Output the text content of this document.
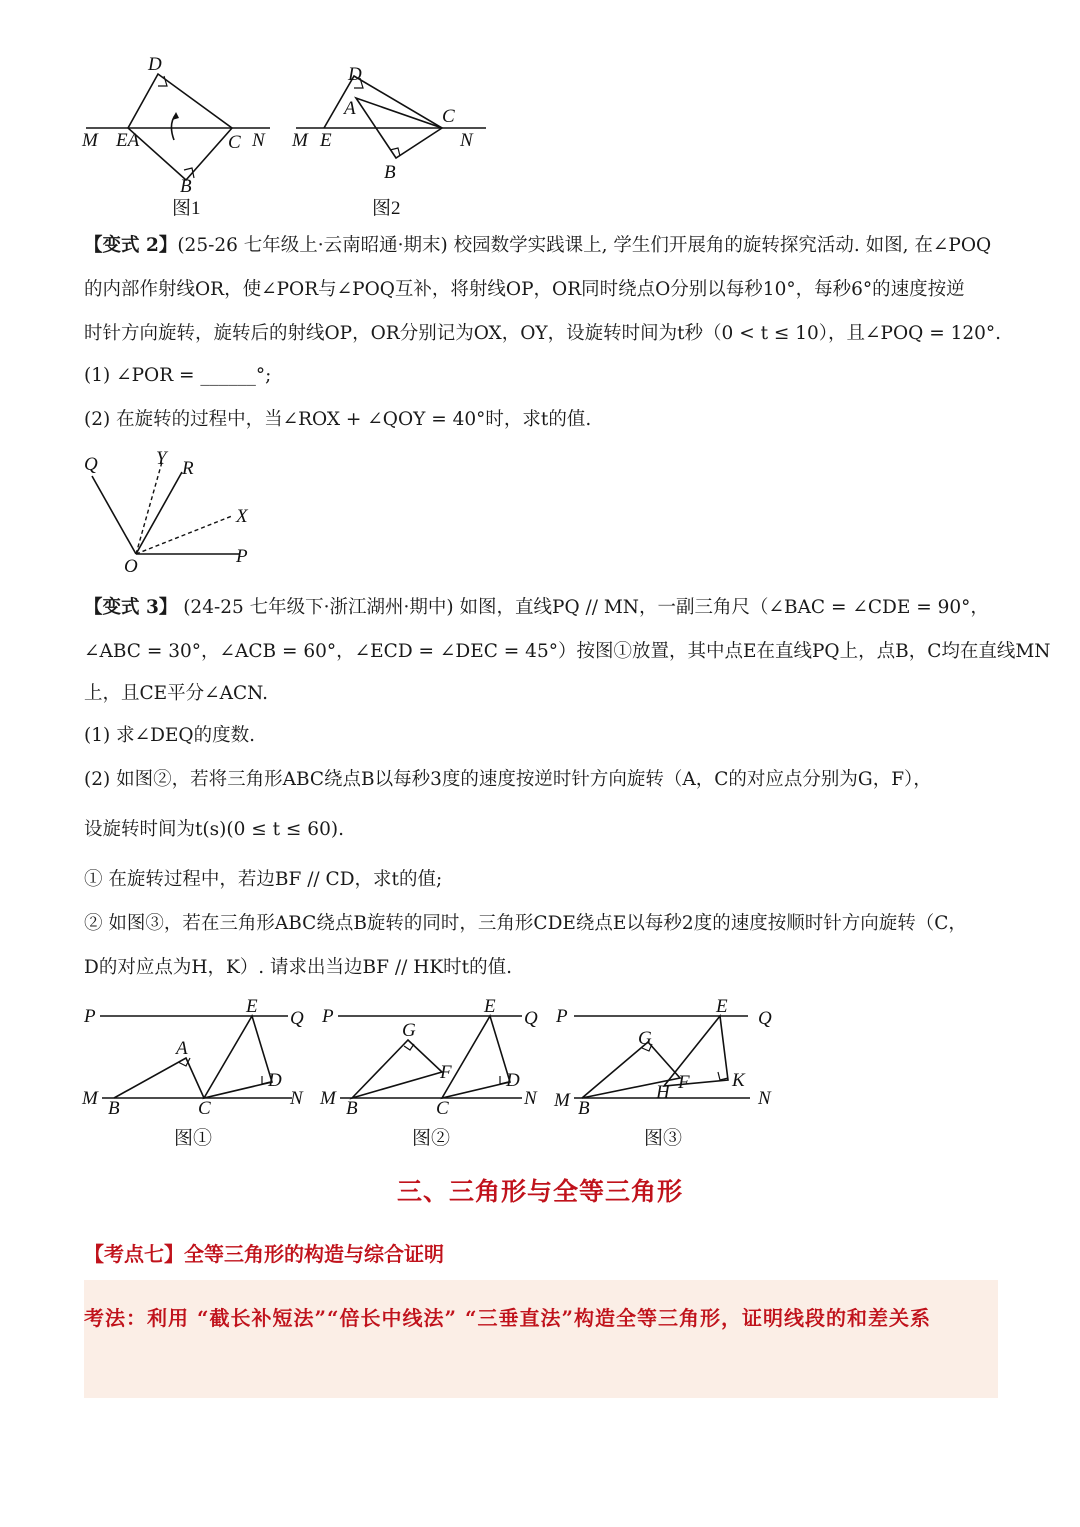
D
M EA	C N
B
图1
D
A	C
M E	N
B
图2
【变式 2】(25-26 七年级上·云南昭通·期末) 校园数学实践课上, 学生们开展角的旋转探究活动. 如图, 在∠POQ
的内部作射线OR，使∠POR与∠POQ互补，将射线OP，OR同时绕点O分别以每秒10°，每秒6°的速度按逆
时针方向旋转，旋转后的射线OP，OR分别记为OX，OY，设旋转时间为t秒（0 < t ≤ 10），且∠POQ = 120°.
(1) ∠POR = ______°;
(2) 在旋转的过程中，当∠ROX + ∠QOY = 40°时，求t的值.
Q	Y R
X
O	P
【变式 3】 (24-25 七年级下·浙江湖州·期中) 如图，直线PQ // MN，一副三角尺（∠BAC = ∠CDE = 90°，
∠ABC = 30°，∠ACB = 60°，∠ECD = ∠DEC = 45°）按图①放置，其中点E在直线PQ上，点B，C均在直线MN
上，且CE平分∠ACN.
(1) 求∠DEQ的度数.
(2) 如图②，若将三角形ABC绕点B以每秒3度的速度按逆时针方向旋转（A，C的对应点分别为G，F），
设旋转时间为t(s)(0 ≤ t ≤ 60).
① 在旋转过程中，若边BF // CD，求t的值;
② 如图③，若在三角形ABC绕点B旋转的同时，三角形CDE绕点E以每秒2度的速度按顺时针方向旋转（C，
D的对应点为H，K）. 请求出当边BF // HK时t的值.
P	Q
E
A
D
M B	C	N
图①
P	Q
E
G
F	D
M B	C	N
图②
P	Q
E
G
F K
H
M B	N
图③
三、三角形与全等三角形
【考点七】全等三角形的构造与综合证明
考法：利用 “截长补短法”“倍长中线法” “三垂直法”构造全等三角形，证明线段的和差关系
